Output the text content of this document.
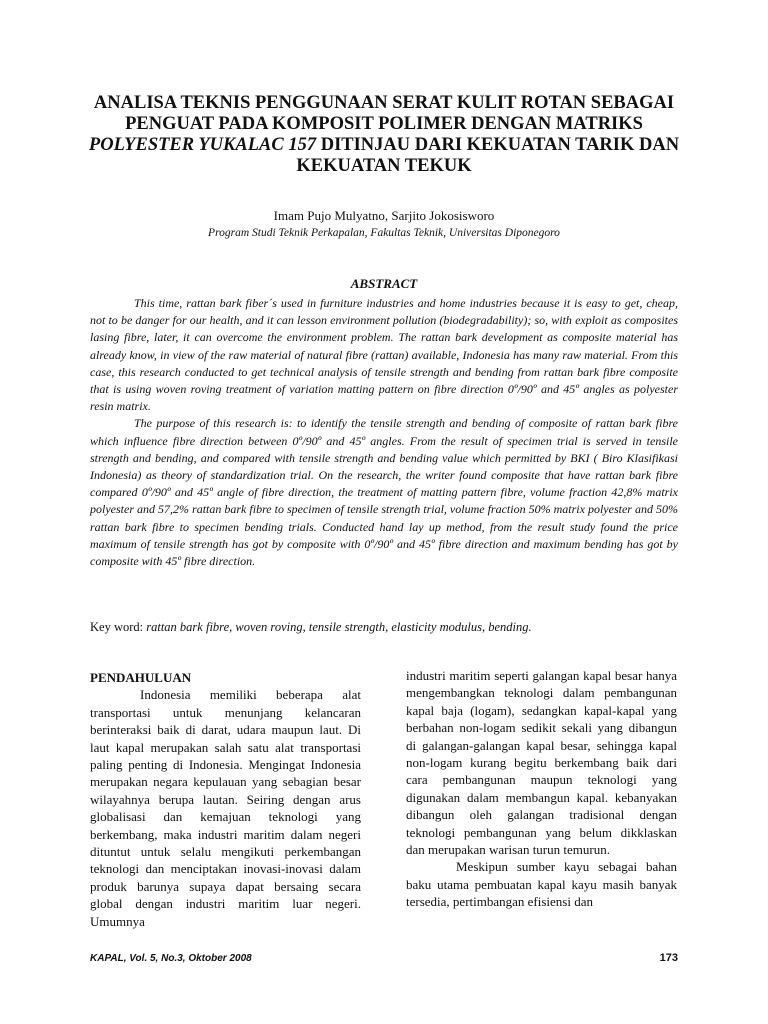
ANALISA TEKNIS PENGGUNAAN SERAT KULIT ROTAN SEBAGAI
PENGUAT PADA KOMPOSIT POLIMER DENGAN MATRIKS
POLYESTER YUKALAC 157 DITINJAU DARI KEKUATAN TARIK DAN
KEKUATAN TEKUK
Imam Pujo Mulyatno, Sarjito Jokosisworo
Program Studi Teknik Perkapalan, Fakultas Teknik, Universitas Diponegoro
ABSTRACT

This time, rattan bark fiber´s used in furniture industries and home industries because it is easy to get, cheap, not to be danger for our health, and it can lesson environment pollution (biodegradability); so, with exploit as composites lasing fibre, later, it can overcome the environment problem. The rattan bark development as composite material has already know, in view of the raw material of natural fibre (rattan) available, Indonesia has many raw material. From this case, this research conducted to get technical analysis of tensile strength and bending from rattan bark fibre composite that is using woven roving treatment of variation matting pattern on fibre direction 0º/90º and 45º angles as polyester resin matrix.

The purpose of this research is: to identify the tensile strength and bending of composite of rattan bark fibre which influence fibre direction between 0º/90º and 45º angles. From the result of specimen trial is served in tensile strength and bending, and compared with tensile strength and bending value which permitted by BKI ( Biro Klasifikasi Indonesia) as theory of standardization trial. On the research, the writer found composite that have rattan bark fibre compared 0º/90º and 45º angle of fibre direction, the treatment of matting pattern fibre, volume fraction 42,8% matrix polyester and 57,2% rattan bark fibre to specimen of tensile strength trial, volume fraction 50% matrix polyester and 50% rattan bark fibre to specimen bending trials. Conducted hand lay up method, from the result study found the price maximum of tensile strength has got by composite with 0º/90º and 45º fibre direction and maximum bending has got by composite with 45º fibre direction.

Key word: rattan bark fibre, woven roving, tensile strength, elasticity modulus, bending.
PENDAHULUAN

Indonesia memiliki beberapa alat transportasi untuk menunjang kelancaran berinteraksi baik di darat, udara maupun laut. Di laut kapal merupakan salah satu alat transportasi paling penting di Indonesia. Mengingat Indonesia merupakan negara kepulauan yang sebagian besar wilayahnya berupa lautan. Seiring dengan arus globalisasi dan kemajuan teknologi yang berkembang, maka industri maritim dalam negeri dituntut untuk selalu mengikuti perkembangan teknologi dan menciptakan inovasi-inovasi dalam produk barunya supaya dapat bersaing secara global dengan industri maritim luar negeri. Umumnya

industri maritim seperti galangan kapal besar hanya mengembangkan teknologi dalam pembangunan kapal baja (logam), sedangkan kapal-kapal yang berbahan non-logam sedikit sekali yang dibangun di galangan-galangan kapal besar, sehingga kapal non-logam kurang begitu berkembang baik dari cara pembangunan maupun teknologi yang digunakan dalam membangun kapal. kebanyakan dibangun oleh galangan tradisional dengan teknologi pembangunan yang belum dikklaskan dan merupakan warisan turun temurun.

Meskipun sumber kayu sebagai bahan baku utama pembuatan kapal kayu masih banyak tersedia, pertimbangan efisiensi dan

KAPAL, Vol. 5, No.3, Oktober 2008	173
